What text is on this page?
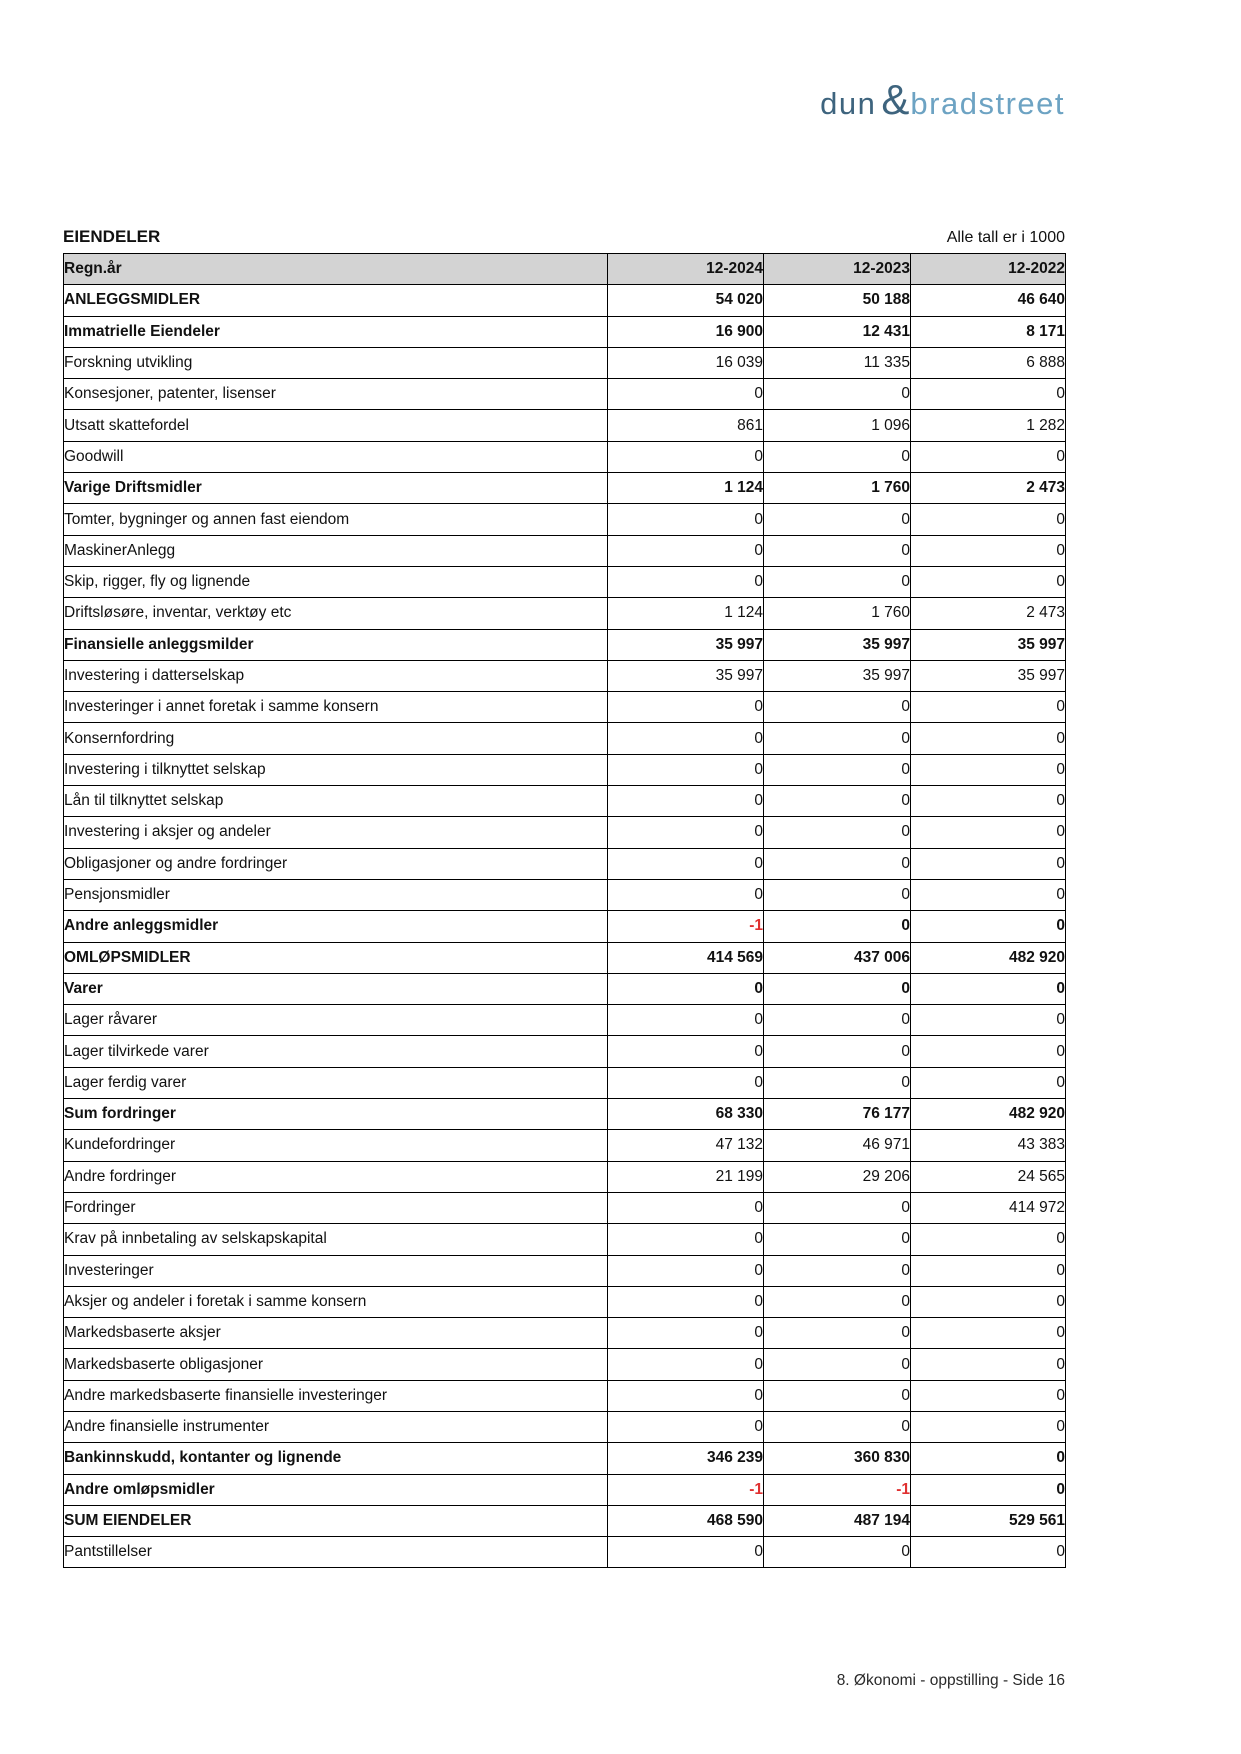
dun & bradstreet
EIENDELER	Alle tall er i 1000
Regn.år	12-2024	12-2023	12-2022
ANLEGGSMIDLER	54 020	50 188	46 640
Immatrielle Eiendeler	16 900	12 431	8 171
Forskning utvikling	16 039	11 335	6 888
Konsesjoner, patenter, lisenser	0	0	0
Utsatt skattefordel	861	1 096	1 282
Goodwill	0	0	0
Varige Driftsmidler	1 124	1 760	2 473
Tomter, bygninger og annen fast eiendom	0	0	0
MaskinerAnlegg	0	0	0
Skip, rigger, fly og lignende	0	0	0
Driftsløsøre, inventar, verktøy etc	1 124	1 760	2 473
Finansielle anleggsmilder	35 997	35 997	35 997
Investering i datterselskap	35 997	35 997	35 997
Investeringer i annet foretak i samme konsern	0	0	0
Konsernfordring	0	0	0
Investering i tilknyttet selskap	0	0	0
Lån til tilknyttet selskap	0	0	0
Investering i aksjer og andeler	0	0	0
Obligasjoner og andre fordringer	0	0	0
Pensjonsmidler	0	0	0
Andre anleggsmidler	-1	0	0
OMLØPSMIDLER	414 569	437 006	482 920
Varer	0	0	0
Lager råvarer	0	0	0
Lager tilvirkede varer	0	0	0
Lager ferdig varer	0	0	0
Sum fordringer	68 330	76 177	482 920
Kundefordringer	47 132	46 971	43 383
Andre fordringer	21 199	29 206	24 565
Fordringer	0	0	414 972
Krav på innbetaling av selskapskapital	0	0	0
Investeringer	0	0	0
Aksjer og andeler i foretak i samme konsern	0	0	0
Markedsbaserte aksjer	0	0	0
Markedsbaserte obligasjoner	0	0	0
Andre markedsbaserte finansielle investeringer	0	0	0
Andre finansielle instrumenter	0	0	0
Bankinnskudd, kontanter og lignende	346 239	360 830	0
Andre omløpsmidler	-1	-1	0
SUM EIENDELER	468 590	487 194	529 561
Pantstillelser	0	0	0
8. Økonomi - oppstilling - Side 16
